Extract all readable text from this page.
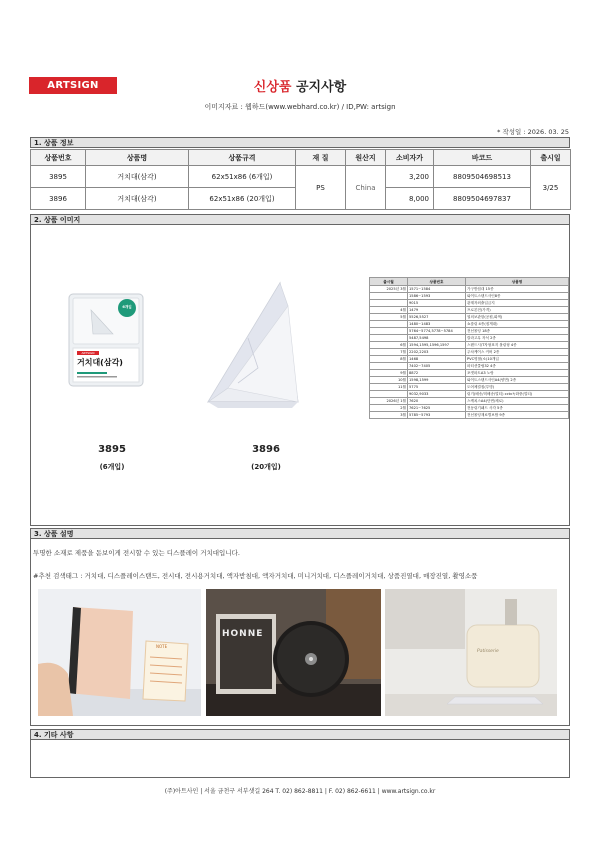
ARTSIGN	신상품 공지사항
이미지자료 : 웹하드(www.webhard.co.kr) / ID,PW: artsign
* 작성일 : 2026. 03. 25
1. 상품 정보
상품번호	상품명	상품규격	재 질	원산지	소비자가	바코드	출시일
3895	거치대(삼각)	62x51x86 (6개입)	PS	China	3,200	8809504698513	3/25
3896	거치대(삼각)	62x51x86 (20개입)			8,000	8809504697837	
2. 상품 이미지
6개입
ARTSIGN
거치대(삼각)
3895
(6개입)
3896
(20개입)
출시월	상품번호	상품명
2025년 3월	1571~1584	가구받침대 15종
	1586~1593	와이트스탠드사인8종
	9015	관계자외출입금지
4월	1479	프로본전(가격)
5월	5526,5527	열의보관함(공원,회색)
	1480~1483	쇼룸링 4종(집게대)
	5764~5774,5778~5784	전선몰딩 18종
	5487,5498	칼라고무 자석 2종
6월	1594,1595,1596,1597	스탠드시/T자형표지 볼링형 4종
7월	2202,2203	주차케이스 커버 2종
8월	1468	PVC명찰(소)10개입
	7402~7405	파티션클립32 4종
9월	8872	포켓파트A3 노랑
10월	1598,1599	와이트스탠드사인A4(양면) 2종
11월	5775	도어체결집(투명)
	9032,9033	링기(배송/미배송/멀티) cctv녹화중(멀티)
2026년 1월	7620	스케치스A4(단면/세로)
2월	7621~7625	전동링기패드 사각 5종
3월	5785~5793	전선몰딩재료별보합 9종
3. 상품 설명
투명한 소재로 제품을 돋보이게 전시할 수 있는 디스플레이 거치대입니다.
#추천 검색태그 : 거치대, 디스플레이스탠드, 전시대, 전시용거치대, 액자받침대, 액자거치대, 미니거치대, 디스플레이거치대, 상품진열대, 매장진열, 촬영소품
NOTE
HONNE
Patisserie
4. 기타 사항
(주)아트사인 | 서울 금천구 서부샛길 264 T. 02) 862-8811 | F. 02) 862-6611 | www.artsign.co.kr
